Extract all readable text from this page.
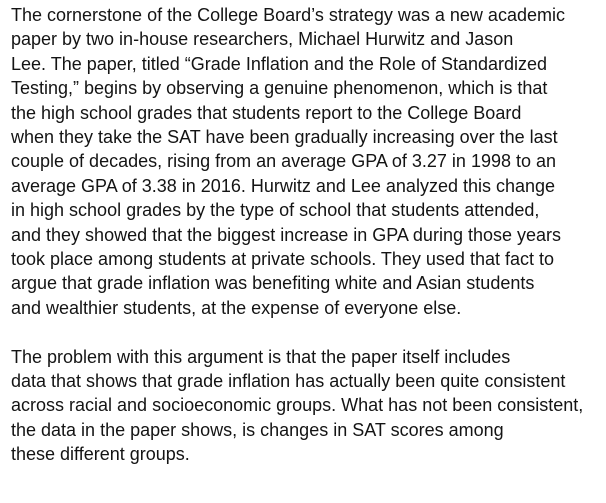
The cornerstone of the College Board’s strategy was a new academic
paper by two in-house researchers, Michael Hurwitz and Jason
Lee. The paper, titled “Grade Inflation and the Role of Standardized
Testing,” begins by observing a genuine phenomenon, which is that
the high school grades that students report to the College Board
when they take the SAT have been gradually increasing over the last
couple of decades, rising from an average GPA of 3.27 in 1998 to an
average GPA of 3.38 in 2016. Hurwitz and Lee analyzed this change
in high school grades by the type of school that students attended,
and they showed that the biggest increase in GPA during those years
took place among students at private schools. They used that fact to
argue that grade inflation was benefiting white and Asian students
and wealthier students, at the expense of everyone else.

The problem with this argument is that the paper itself includes
data that shows that grade inflation has actually been quite consistent
across racial and socioeconomic groups. What has not been consistent,
the data in the paper shows, is changes in SAT scores among
these different groups.
